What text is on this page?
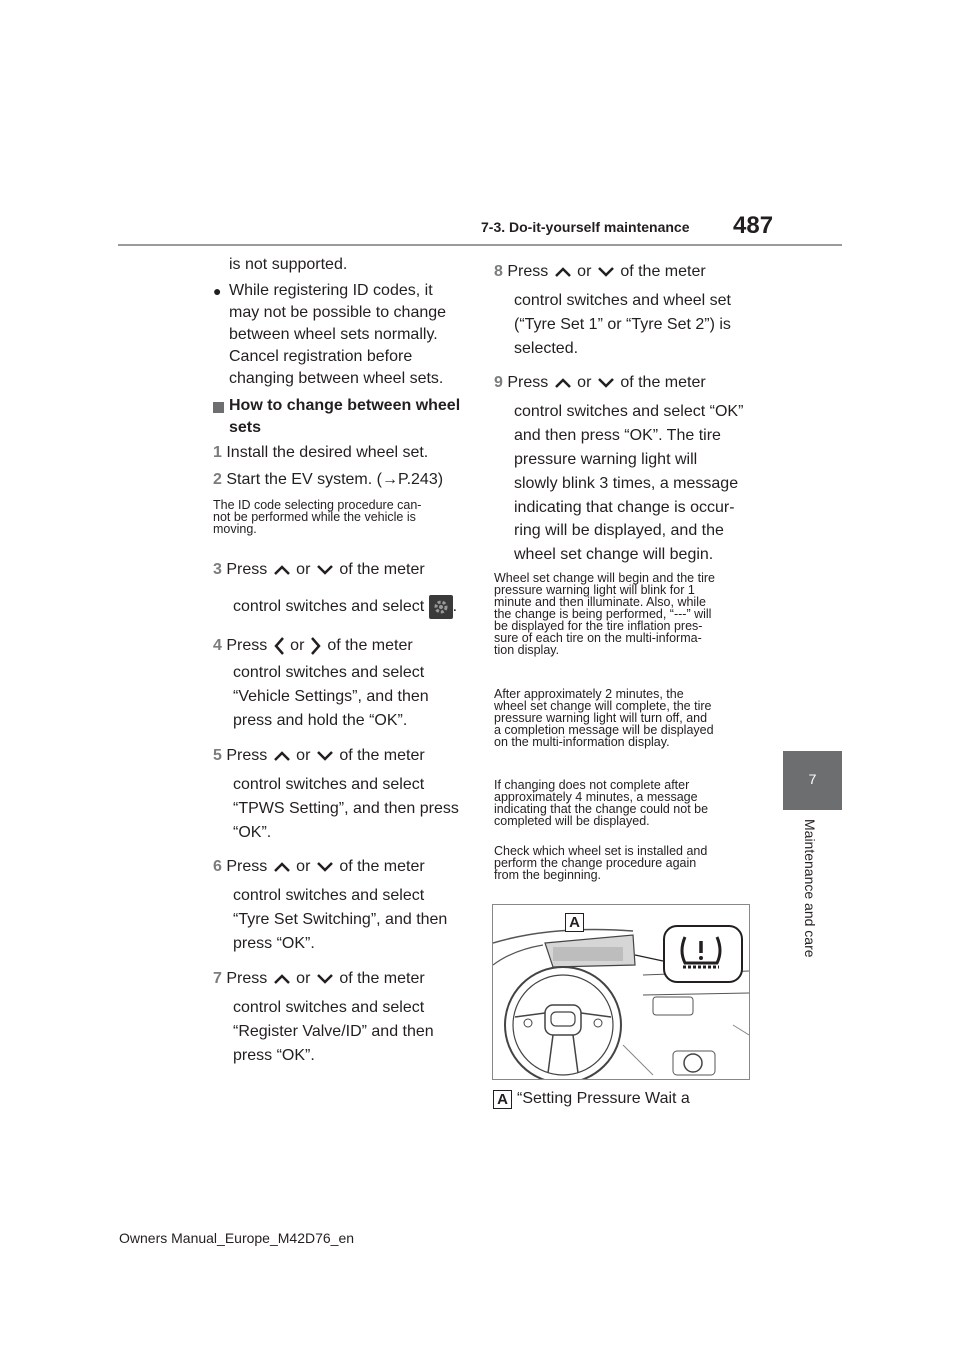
7-3. Do-it-yourself maintenance 487
7
Maintenance and care
is not supported.
● While registering ID codes, it
may not be possible to change
between wheel sets normally.
Cancel registration before
changing between wheel sets.
How to change between wheel
sets
1 Install the desired wheel set.
2 Start the EV system. (→P.243)
The ID code selecting procedure can-
not be performed while the vehicle is
moving.
3 Press or of the meter
control switches and select .
4 Press or of the meter
control switches and select
“Vehicle Settings”, and then
press and hold the “OK”.
5 Press or of the meter
control switches and select
“TPWS Setting”, and then press
“OK”.
6 Press or of the meter
control switches and select
“Tyre Set Switching”, and then
press “OK”.
7 Press or of the meter
control switches and select
“Register Valve/ID” and then
press “OK”.
8 Press or of the meter
control switches and wheel set
(“Tyre Set 1” or “Tyre Set 2”) is
selected.
9 Press or of the meter
control switches and select “OK”
and then press “OK”. The tire
pressure warning light will
slowly blink 3 times, a message
indicating that change is occur-
ring will be displayed, and the
wheel set change will begin.
Wheel set change will begin and the tire
pressure warning light will blink for 1
minute and then illuminate. Also, while
the change is being performed, “---” will
be displayed for the tire inflation pres-
sure of each tire on the multi-informa-
tion display.
After approximately 2 minutes, the
wheel set change will complete, the tire
pressure warning light will turn off, and
a completion message will be displayed
on the multi-information display.
If changing does not complete after
approximately 4 minutes, a message
indicating that the change could not be
completed will be displayed.
Check which wheel set is installed and
perform the change procedure again
from the beginning.
A
A “Setting Pressure Wait a
Owners Manual_Europe_M42D76_en
